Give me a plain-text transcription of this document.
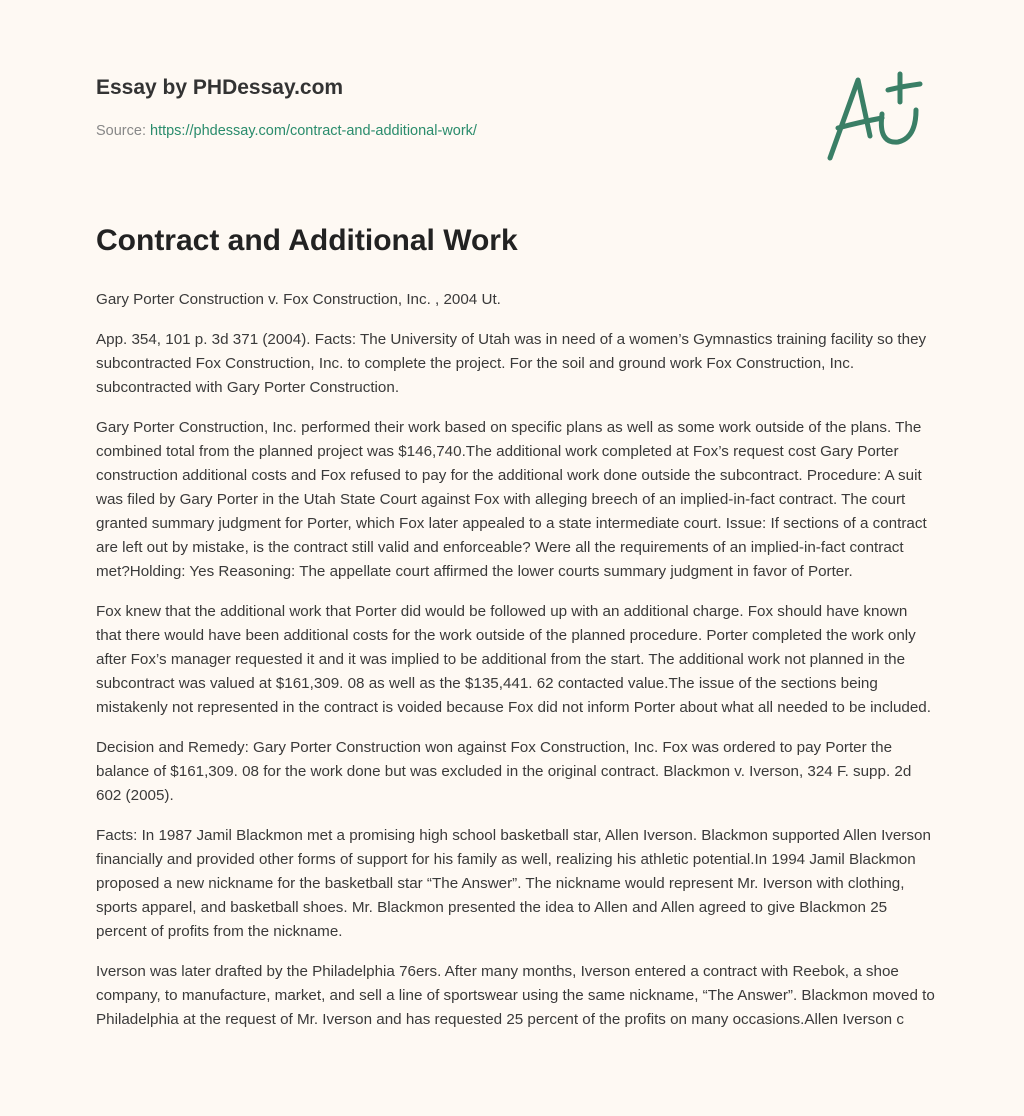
Essay by PHDessay.com
Source: https://phdessay.com/contract-and-additional-work/
Contract and Additional Work

Gary Porter Construction v. Fox Construction, Inc. , 2004 Ut.

App. 354, 101 p. 3d 371 (2004). Facts: The University of Utah was in need of a women’s Gymnastics training facility so they subcontracted Fox Construction, Inc. to complete the project. For the soil and ground work Fox Construction, Inc. subcontracted with Gary Porter Construction.

Gary Porter Construction, Inc. performed their work based on specific plans as well as some work outside of the plans. The combined total from the planned project was $146,740.The additional work completed at Fox’s request cost Gary Porter construction additional costs and Fox refused to pay for the additional work done outside the subcontract. Procedure: A suit was filed by Gary Porter in the Utah State Court against Fox with alleging breech of an implied-in-fact contract. The court granted summary judgment for Porter, which Fox later appealed to a state intermediate court. Issue: If sections of a contract are left out by mistake, is the contract still valid and enforceable? Were all the requirements of an implied-in-fact contract met?Holding: Yes Reasoning: The appellate court affirmed the lower courts summary judgment in favor of Porter.

Fox knew that the additional work that Porter did would be followed up with an additional charge. Fox should have known that there would have been additional costs for the work outside of the planned procedure. Porter completed the work only after Fox’s manager requested it and it was implied to be additional from the start. The additional work not planned in the subcontract was valued at $161,309. 08 as well as the $135,441. 62 contacted value.The issue of the sections being mistakenly not represented in the contract is voided because Fox did not inform Porter about what all needed to be included.

Decision and Remedy: Gary Porter Construction won against Fox Construction, Inc. Fox was ordered to pay Porter the balance of $161,309. 08 for the work done but was excluded in the original contract. Blackmon v. Iverson, 324 F. supp. 2d 602 (2005).

Facts: In 1987 Jamil Blackmon met a promising high school basketball star, Allen Iverson. Blackmon supported Allen Iverson financially and provided other forms of support for his family as well, realizing his athletic potential.In 1994 Jamil Blackmon proposed a new nickname for the basketball star “The Answer”. The nickname would represent Mr. Iverson with clothing, sports apparel, and basketball shoes. Mr. Blackmon presented the idea to Allen and Allen agreed to give Blackmon 25 percent of profits from the nickname.

Iverson was later drafted by the Philadelphia 76ers. After many months, Iverson entered a contract with Reebok, a shoe company, to manufacture, market, and sell a line of sportswear using the same nickname, “The Answer”. Blackmon moved to Philadelphia at the request of Mr. Iverson and has requested 25 percent of the profits on many occasions.Allen Iverson c
